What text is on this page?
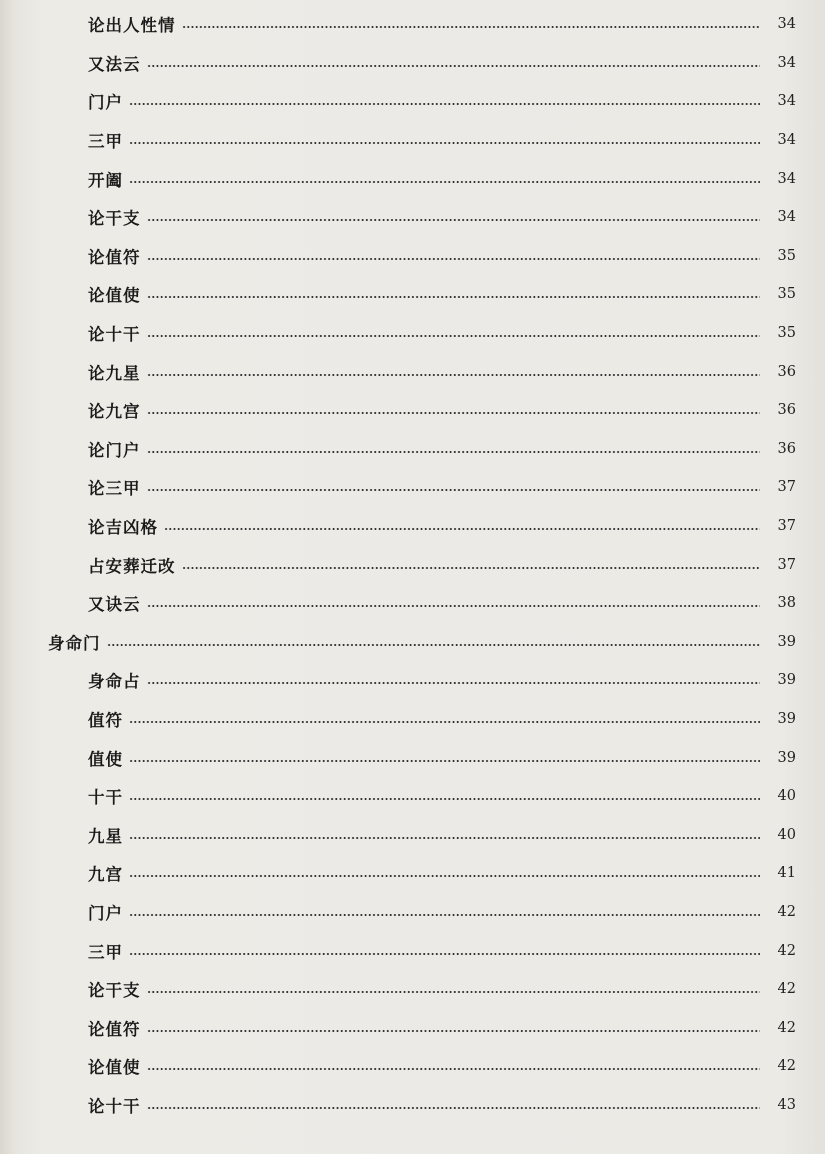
论出人性情	34
又法云	34
门户	34
三甲	34
开阖	34
论干支	34
论值符	35
论值使	35
论十干	35
论九星	36
论九宫	36
论门户	36
论三甲	37
论吉凶格	37
占安葬迁改	37
又诀云	38
身命门	39
身命占	39
值符	39
值使	39
十干	40
九星	40
九宫	41
门户	42
三甲	42
论干支	42
论值符	42
论值使	42
论十干	43
